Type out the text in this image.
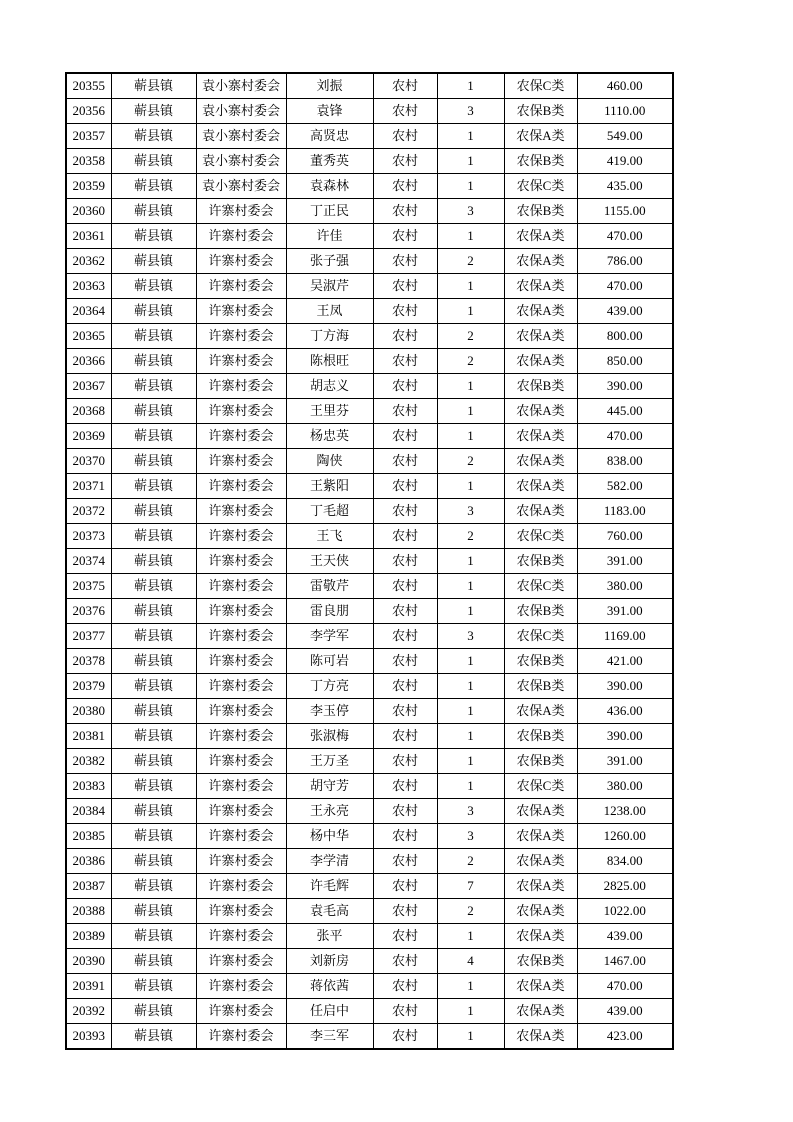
20355	蕲县镇	袁小寨村委会	刘振	农村	1	农保C类	460.00
20356	蕲县镇	袁小寨村委会	袁锋	农村	3	农保B类	1110.00
20357	蕲县镇	袁小寨村委会	高贤忠	农村	1	农保A类	549.00
20358	蕲县镇	袁小寨村委会	董秀英	农村	1	农保B类	419.00
20359	蕲县镇	袁小寨村委会	袁森林	农村	1	农保C类	435.00
20360	蕲县镇	许寨村委会	丁正民	农村	3	农保B类	1155.00
20361	蕲县镇	许寨村委会	许佳	农村	1	农保A类	470.00
20362	蕲县镇	许寨村委会	张子强	农村	2	农保A类	786.00
20363	蕲县镇	许寨村委会	吴淑芹	农村	1	农保A类	470.00
20364	蕲县镇	许寨村委会	王凤	农村	1	农保A类	439.00
20365	蕲县镇	许寨村委会	丁方海	农村	2	农保A类	800.00
20366	蕲县镇	许寨村委会	陈根旺	农村	2	农保A类	850.00
20367	蕲县镇	许寨村委会	胡志义	农村	1	农保B类	390.00
20368	蕲县镇	许寨村委会	王里芬	农村	1	农保A类	445.00
20369	蕲县镇	许寨村委会	杨忠英	农村	1	农保A类	470.00
20370	蕲县镇	许寨村委会	陶侠	农村	2	农保A类	838.00
20371	蕲县镇	许寨村委会	王紫阳	农村	1	农保A类	582.00
20372	蕲县镇	许寨村委会	丁毛超	农村	3	农保A类	1183.00
20373	蕲县镇	许寨村委会	王飞	农村	2	农保C类	760.00
20374	蕲县镇	许寨村委会	王天侠	农村	1	农保B类	391.00
20375	蕲县镇	许寨村委会	雷敬芹	农村	1	农保C类	380.00
20376	蕲县镇	许寨村委会	雷良朋	农村	1	农保B类	391.00
20377	蕲县镇	许寨村委会	李学军	农村	3	农保C类	1169.00
20378	蕲县镇	许寨村委会	陈可岩	农村	1	农保B类	421.00
20379	蕲县镇	许寨村委会	丁方亮	农村	1	农保B类	390.00
20380	蕲县镇	许寨村委会	李玉停	农村	1	农保A类	436.00
20381	蕲县镇	许寨村委会	张淑梅	农村	1	农保B类	390.00
20382	蕲县镇	许寨村委会	王万圣	农村	1	农保B类	391.00
20383	蕲县镇	许寨村委会	胡守芳	农村	1	农保C类	380.00
20384	蕲县镇	许寨村委会	王永亮	农村	3	农保A类	1238.00
20385	蕲县镇	许寨村委会	杨中华	农村	3	农保A类	1260.00
20386	蕲县镇	许寨村委会	李学清	农村	2	农保A类	834.00
20387	蕲县镇	许寨村委会	许毛辉	农村	7	农保A类	2825.00
20388	蕲县镇	许寨村委会	袁毛高	农村	2	农保A类	1022.00
20389	蕲县镇	许寨村委会	张平	农村	1	农保A类	439.00
20390	蕲县镇	许寨村委会	刘新房	农村	4	农保B类	1467.00
20391	蕲县镇	许寨村委会	蒋依茜	农村	1	农保A类	470.00
20392	蕲县镇	许寨村委会	任启中	农村	1	农保A类	439.00
20393	蕲县镇	许寨村委会	李三军	农村	1	农保A类	423.00
